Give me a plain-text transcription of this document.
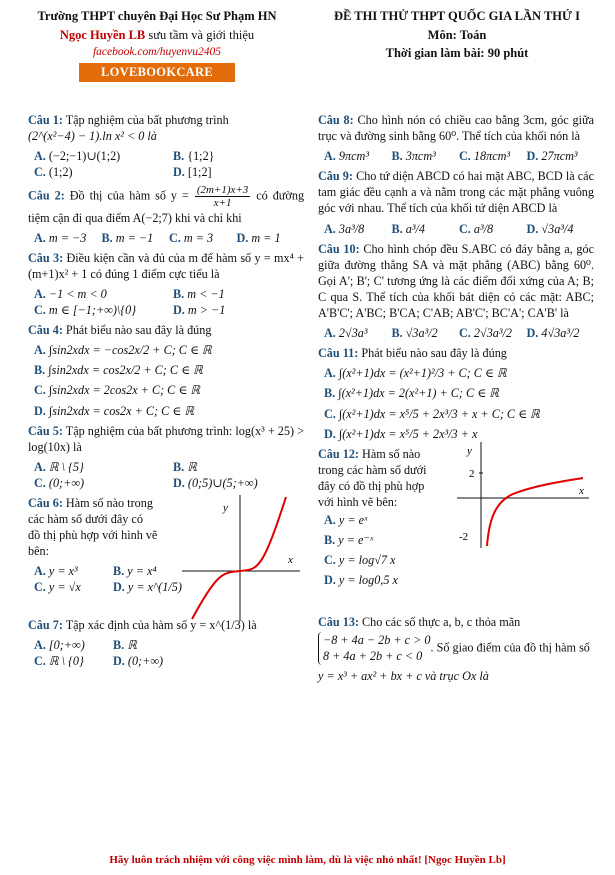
Trường THPT chuyên Đại Học Sư Phạm HN
Ngọc Huyền LB sưu tầm và giới thiệu
facebook.com/huyenvu2405
LOVEBOOKCARE
ĐỀ THI THỬ THPT QUỐC GIA LẦN THỨ I
Môn: Toán
Thời gian làm bài: 90 phút
Câu 1: Tập nghiệm của bất phương trình
(2^(x²−4) − 1).ln x² < 0 là
A. (−2;−1)∪(1;2)	B. {1;2}
C. (1;2)	D. [1;2]
Câu 2: Đồ thị của hàm số $y = \frac{(2m+1)x+3}{x+1}$ có đường tiệm cận đi qua điểm A(−2;7) khi và chỉ khi
A. m = −3	B. m = −1	C. m = 3	D. m = 1
Câu 3: Điều kiện cần và đủ của m để hàm số y = mx⁴ + (m+1)x² + 1 có đúng 1 điểm cực tiểu là
A. −1 < m < 0	B. m < −1
C. m ∈ [−1;+∞)\{0}	D. m > −1
Câu 4: Phát biểu nào sau đây là đúng
A. ∫sin2xdx = −cos2x/2 + C; C ∈ ℝ
B. ∫sin2xdx = cos2x/2 + C; C ∈ ℝ
C. ∫sin2xdx = 2cos2x + C; C ∈ ℝ
D. ∫sin2xdx = cos2x + C; C ∈ ℝ
Câu 5: Tập nghiệm của bất phương trình: log(x³ + 25) > log(10x) là
A. ℝ \ {5}	B. ℝ
C. (0;+∞)	D. (0;5)∪(5;+∞)
Câu 6: Hàm số nào trong các hàm số dưới đây có đồ thị phù hợp với hình vẽ bên:
A. y = x³	B. y = x⁴
C. y = √x	D. y = x^(1/5)
y
x
Câu 7: Tập xác định của hàm số y = x^(1/3) là
A. [0;+∞)	B. ℝ
C. ℝ \ {0}	D. (0;+∞)
Câu 8: Cho hình nón có chiều cao bằng 3cm, góc giữa trục và đường sinh bằng 60⁰. Thể tích của khối nón là
A. 9πcm³	B. 3πcm³	C. 18πcm³	D. 27πcm³
Câu 9: Cho tứ diện ABCD có hai mặt ABC, BCD là các tam giác đều cạnh a và nằm trong các mặt phẳng vuông góc với nhau. Thể tích của khối tứ diện ABCD là
A. 3a³/8	B. a³/4	C. a³/8	D. √3a³/4
Câu 10: Cho hình chóp đều S.ABC có đáy bằng a, góc giữa đường thẳng SA và mặt phẳng (ABC) bằng 60⁰. Gọi A'; B'; C' tương ứng là các điểm đối xứng của A; B; C qua S. Thể tích của khối bát diện có các mặt: ABC; A'B'C'; A'BC; B'CA; C'AB; AB'C'; BC'A'; CA'B' là
A. 2√3a³	B. √3a³/2	C. 2√3a³/2	D. 4√3a³/2
Câu 11: Phát biểu nào sau đây là đúng
A. ∫(x²+1)dx = (x²+1)²/3 + C; C ∈ ℝ
B. ∫(x²+1)dx = 2(x²+1) + C; C ∈ ℝ
C. ∫(x²+1)dx = x⁵/5 + 2x³/3 + x + C; C ∈ ℝ
D. ∫(x²+1)dx = x⁵/5 + 2x³/3 + x
Câu 12: Hàm số nào trong các hàm số dưới đây có đồ thị phù hợp với hình vẽ bên:
A. y = eˣ
B. y = e⁻ˣ
C. y = log√7 x
D. y = log0,5 x
y
x
2
-2
Câu 13: Cho các số thực a, b, c thỏa mãn
−8 + 4a − 2b + c > 0
8 + 4a + 2b + c < 0
. Số giao điểm của đồ thị hàm số
y = x³ + ax² + bx + c và trục Ox là
Hãy luôn trách nhiệm với công việc mình làm, dù là việc nhỏ nhất! [Ngọc Huyền Lb]
